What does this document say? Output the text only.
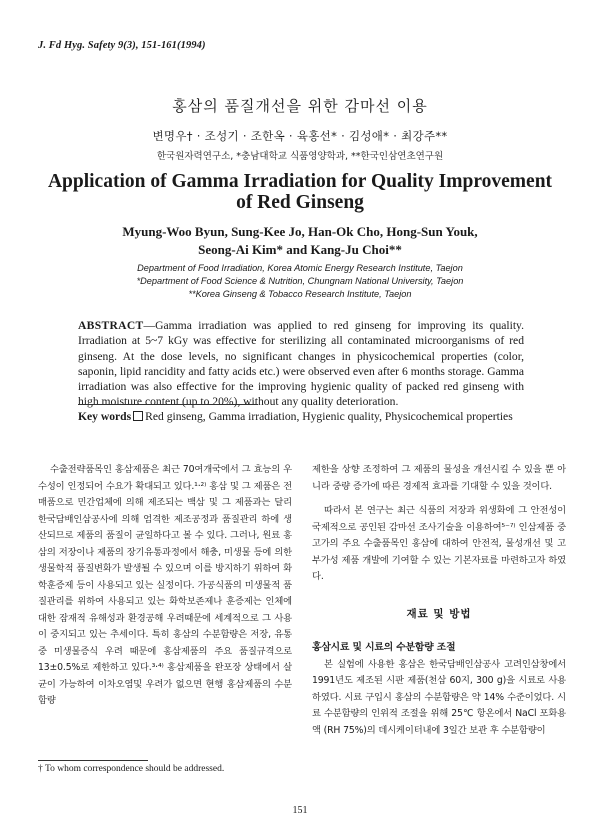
J. Fd Hyg. Safety 9(3), 151-161(1994)
홍삼의 품질개선을 위한 감마선 이용
변명우† · 조성기 · 조한옥 · 육홍선* · 김성애* · 최강주**
한국원자력연구소, *충남대학교 식품영양학과, **한국인삼연초연구원
Application of Gamma Irradiation for Quality Improvement
of Red Ginseng
Myung-Woo Byun, Sung-Kee Jo, Han-Ok Cho, Hong-Sun Youk,
Seong-Ai Kim* and Kang-Ju Choi**
Department of Food Irradiation, Korea Atomic Energy Research Institute, Taejon
*Department of Food Science & Nutrition, Chungnam National University, Taejon
**Korea Ginseng & Tobacco Research Institute, Taejon
ABSTRACT—Gamma irradiation was applied to red ginseng for improving its quality. Irradiation at 5~7 kGy was effective for sterilizing all contaminated microorganisms of red ginseng. At the dose levels, no significant changes in physicochemical properties (color, saponin, lipid rancidity and fatty acids etc.) were observed even after 6 months storage. Gamma irradiation was also effective for the improving hygienic quality of packed red ginseng with high moisture content (up to 20%), without any quality deterioration.
Key words Red ginseng, Gamma irradiation, Hygienic quality, Physicochemical properties

수출전략품목인 홍삼제품은 최근 70여개국에서 그 효능의 우수성이 인정되어 수요가 확대되고 있다.¹·²⁾ 홍삼 및 그 제품은 전매품으로 민간업체에 의해 제조되는 백삼 및 그 제품과는 달리 한국담배인삼공사에 의해 엄격한 제조공정과 품질관리 하에 생산되므로 제품의 품질이 균일하다고 볼 수 있다. 그러나, 원료 홍삼의 저장이나 제품의 장기유통과정에서 해충, 미생물 등에 의한 생물학적 품질변화가 발생될 수 있으며 이를 방지하기 위하여 화학훈증제 등이 사용되고 있는 실정이다. 가공식품의 미생물적 품질관리를 위하여 사용되고 있는 화학보존제나 훈증제는 인체에 대한 잠재적 유해성과 환경공해 우려때문에 세계적으로 그 사용이 중지되고 있는 추세이다. 특히 홍삼의 수분함량은 저장, 유통 중 미생물증식 우려 때문에 홍삼제품의 주요 품질규격으로 13±0.5%로 제한하고 있다.³·⁴⁾ 홍삼제품을 완포장 상태에서 살균이 가능하여 이차오염및 우려가 없으면 현행 홍삼제품의 수분함량

제한을 상향 조정하여 그 제품의 물성을 개선시킬 수 있을 뿐 아니라 중량 증가에 따른 경제적 효과를 기대할 수 있을 것이다.

따라서 본 연구는 최근 식품의 저장과 위생화에 그 안전성이 국제적으로 공인된 감마선 조사기술을 이용하여⁵⁻⁷⁾ 인삼제품 중 고가의 주요 수출품목인 홍삼에 대하여 안전적, 물성개선 및 고부가성 제품 개발에 기여할 수 있는 기본자료를 마련하고자 하였다.

재료 및 방법
홍삼시료 및 시료의 수분함량 조절

본 실험에 사용한 홍삼은 한국담배인삼공사 고려인삼창에서 1991년도 제조된 시판 제품(천삼 60지, 300 g)을 시료로 사용하였다. 시료 구입시 홍삼의 수분함량은 약 14% 수준이었다. 시료 수분함량의 인위적 조절을 위해 25℃ 항온에서 NaCl 포화용액 (RH 75%)의 데시케이터내에 3일간 보관 후 수분함량이

† To whom correspondence should be addressed.
151
